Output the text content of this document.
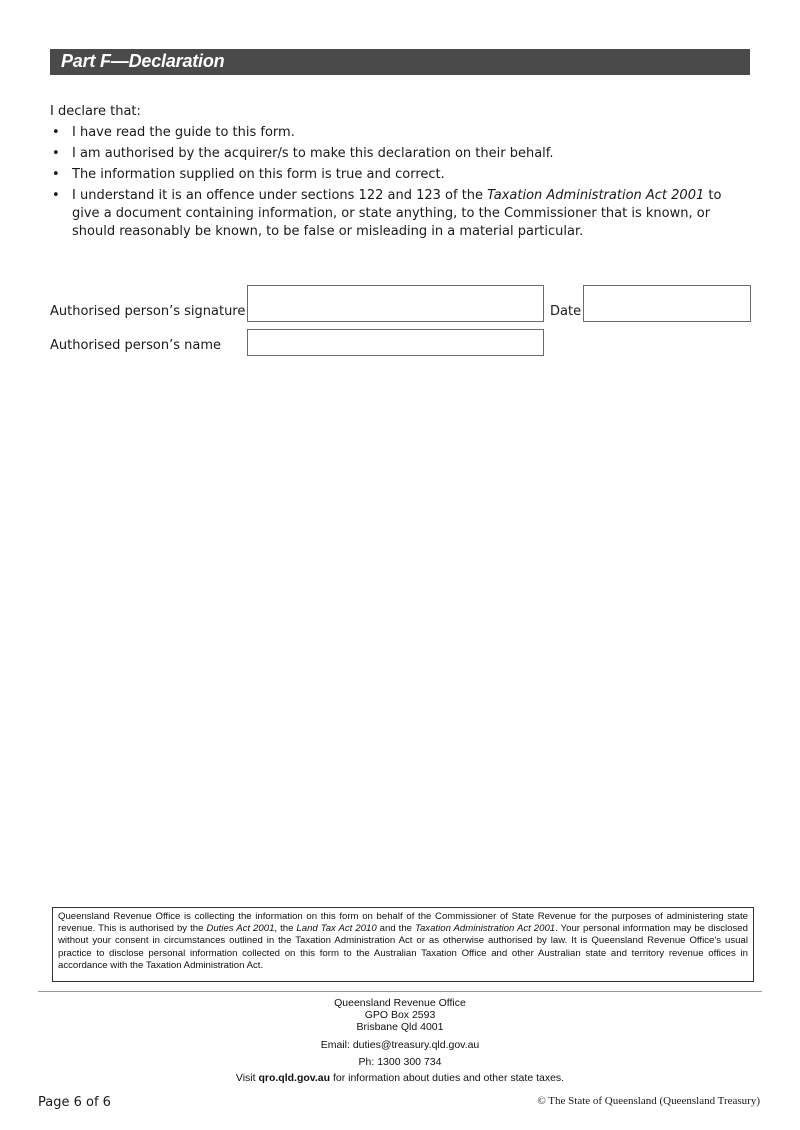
Part F—Declaration
I declare that:
• I have read the guide to this form.
• I am authorised by the acquirer/s to make this declaration on their behalf.
• The information supplied on this form is true and correct.
• I understand it is an offence under sections 122 and 123 of the Taxation Administration Act 2001 to give a document containing information, or state anything, to the Commissioner that is known, or should reasonably be known, to be false or misleading in a material particular.
Authorised person’s signature	Date
Authorised person’s name
Queensland Revenue Office is collecting the information on this form on behalf of the Commissioner of State Revenue for the purposes of administering state revenue. This is authorised by the Duties Act 2001, the Land Tax Act 2010 and the Taxation Administration Act 2001. Your personal information may be disclosed without your consent in circumstances outlined in the Taxation Administration Act or as otherwise authorised by law. It is Queensland Revenue Office’s usual practice to disclose personal information collected on this form to the Australian Taxation Office and other Australian state and territory revenue offices in accordance with the Taxation Administration Act.
Queensland Revenue Office
GPO Box 2593
Brisbane Qld 4001
Email: duties@treasury.qld.gov.au
Ph: 1300 300 734
Visit qro.qld.gov.au for information about duties and other state taxes.
Page 6 of 6	© The State of Queensland (Queensland Treasury)
